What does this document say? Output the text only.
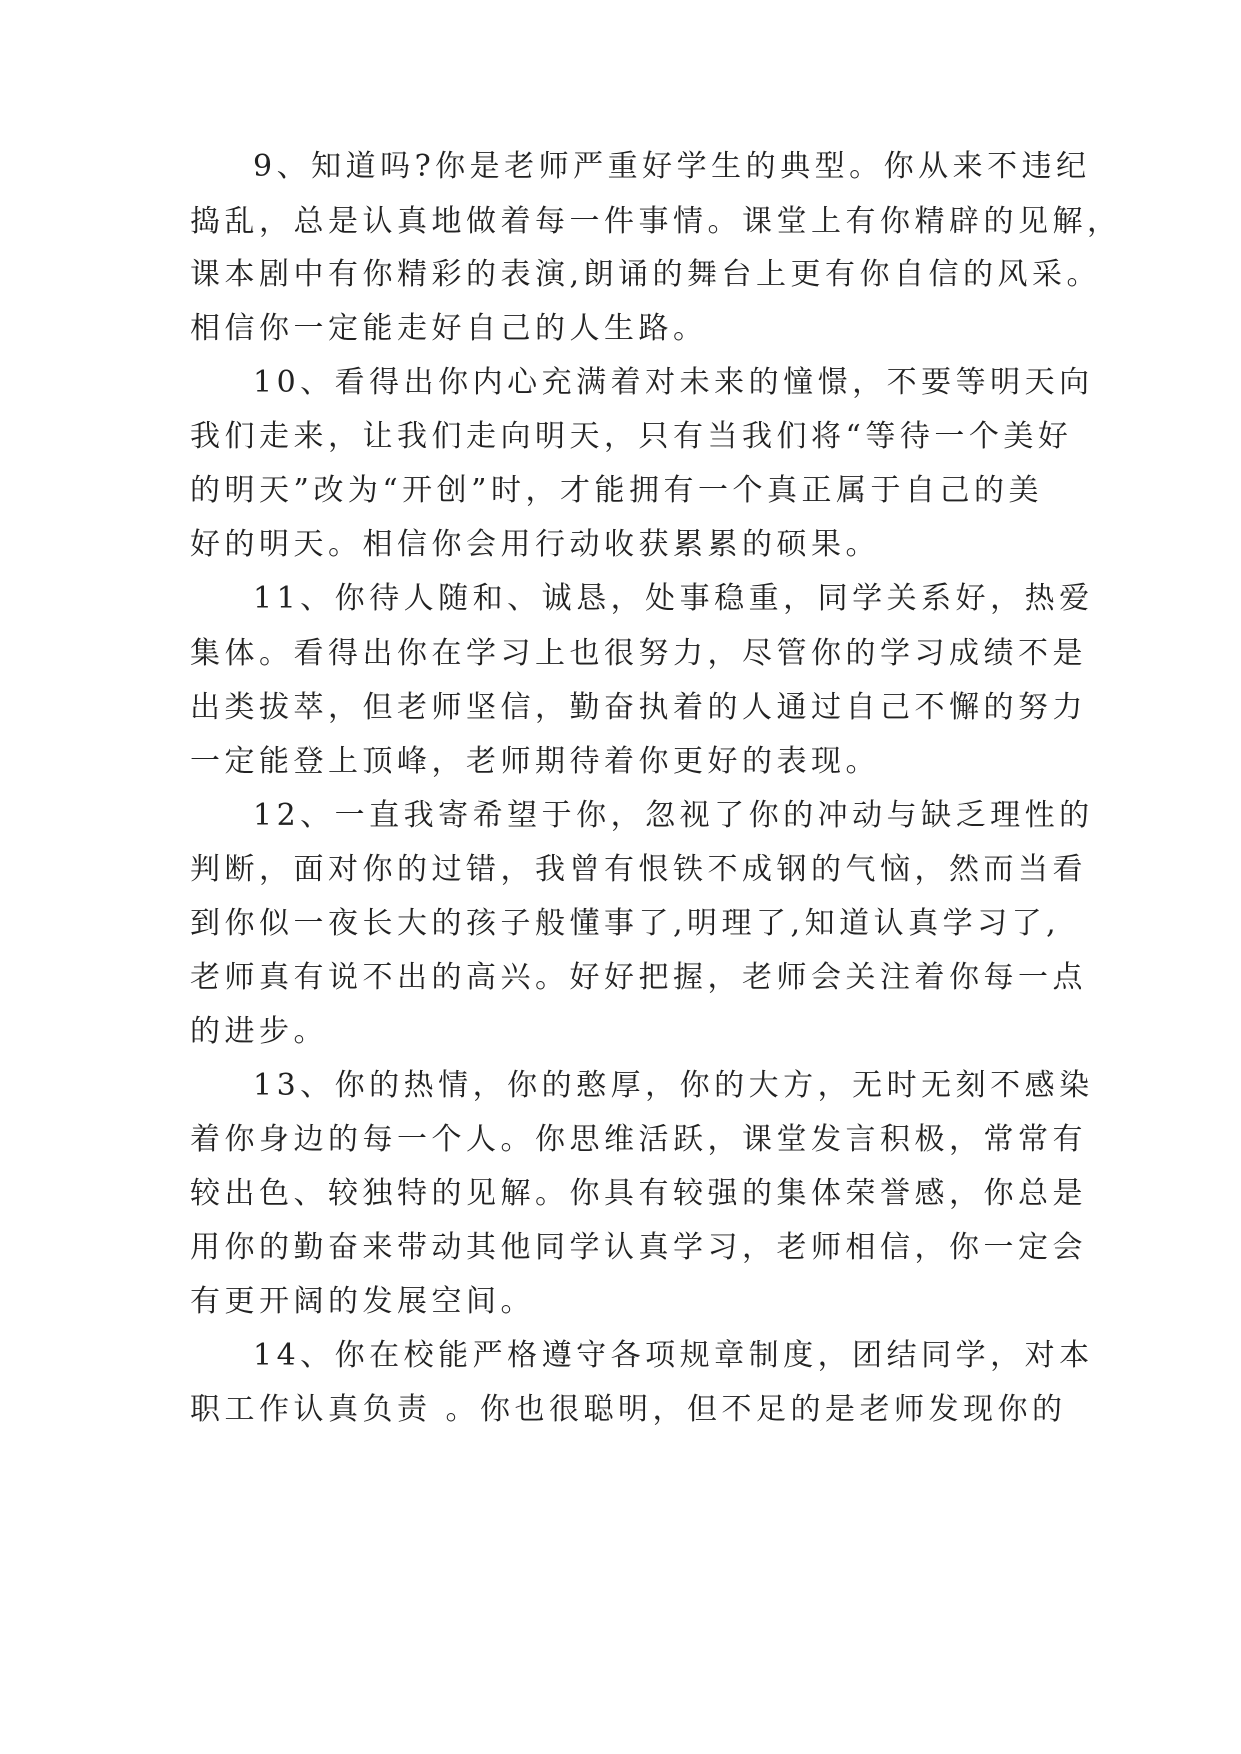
9、知道吗?你是老师严重好学生的典型。你从来不违纪

捣乱，总是认真地做着每一件事情。课堂上有你精辟的见解，

课本剧中有你精彩的表演,朗诵的舞台上更有你自信的风采。

相信你一定能走好自己的人生路。

10、看得出你内心充满着对未来的憧憬，不要等明天向

我们走来，让我们走向明天，只有当我们将“等待一个美好

的明天”改为“开创”时，才能拥有一个真正属于自己的美

好的明天。相信你会用行动收获累累的硕果。

11、你待人随和、诚恳，处事稳重，同学关系好，热爱

集体。看得出你在学习上也很努力，尽管你的学习成绩不是

出类拔萃，但老师坚信，勤奋执着的人通过自己不懈的努力

一定能登上顶峰，老师期待着你更好的表现。

12、一直我寄希望于你，忽视了你的冲动与缺乏理性的

判断，面对你的过错，我曾有恨铁不成钢的气恼，然而当看

到你似一夜长大的孩子般懂事了,明理了,知道认真学习了,

老师真有说不出的高兴。好好把握，老师会关注着你每一点

的进步。

13、你的热情，你的憨厚，你的大方，无时无刻不感染

着你身边的每一个人。你思维活跃，课堂发言积极，常常有

较出色、较独特的见解。你具有较强的集体荣誉感，你总是

用你的勤奋来带动其他同学认真学习，老师相信，你一定会

有更开阔的发展空间。

14、你在校能严格遵守各项规章制度，团结同学，对本

职工作认真负责 。你也很聪明，但不足的是老师发现你的
